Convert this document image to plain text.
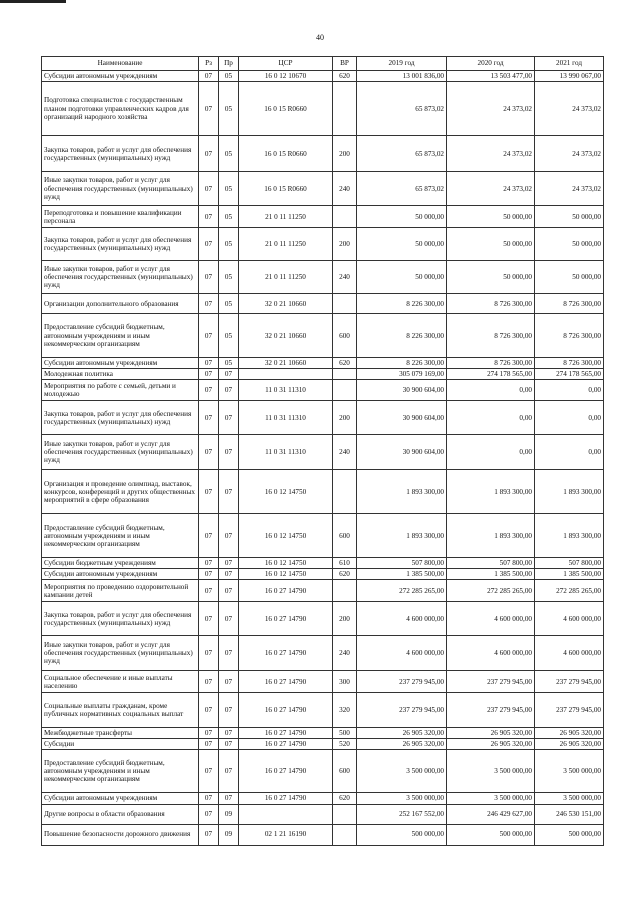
40
Наименование	Рз	Пр	ЦСР	ВР	2019 год	2020 год	2021 год
Субсидии автономным учреждениям	07	05	16 0 12 10670	620	13 001 836,00	13 503 477,00	13 990 067,00
Подготовка специалистов с государственным планом подготовки управленческих кадров для организаций народного хозяйства	07	05	16 0 15 R0660		65 873,02	24 373,02	24 373,02
Закупка товаров, работ и услуг для обеспечения государственных (муниципальных) нужд	07	05	16 0 15 R0660	200	65 873,02	24 373,02	24 373,02
Иные закупки товаров, работ и услуг для обеспечения государственных (муниципальных) нужд	07	05	16 0 15 R0660	240	65 873,02	24 373,02	24 373,02
Переподготовка и повышение квалификации персонала	07	05	21 0 11 11250		50 000,00	50 000,00	50 000,00
Закупка товаров, работ и услуг для обеспечения государственных (муниципальных) нужд	07	05	21 0 11 11250	200	50 000,00	50 000,00	50 000,00
Иные закупки товаров, работ и услуг для обеспечения государственных (муниципальных) нужд	07	05	21 0 11 11250	240	50 000,00	50 000,00	50 000,00
Организации дополнительного образования	07	05	32 0 21 10660		8 226 300,00	8 726 300,00	8 726 300,00
Предоставление субсидий бюджетным, автономным учреждениям и иным некоммерческим организациям	07	05	32 0 21 10660	600	8 226 300,00	8 726 300,00	8 726 300,00
Субсидии автономным учреждениям	07	05	32 0 21 10660	620	8 226 300,00	8 726 300,00	8 726 300,00
Молодежная политика	07	07			305 079 169,00	274 178 565,00	274 178 565,00
Мероприятия по работе с семьей, детьми и молодежью	07	07	11 0 31 11310		30 900 604,00	0,00	0,00
Закупка товаров, работ и услуг для обеспечения государственных (муниципальных) нужд	07	07	11 0 31 11310	200	30 900 604,00	0,00	0,00
Иные закупки товаров, работ и услуг для обеспечения государственных (муниципальных) нужд	07	07	11 0 31 11310	240	30 900 604,00	0,00	0,00
Организация и проведение олимпиад, выставок, конкурсов, конференций и других общественных мероприятий в сфере образования	07	07	16 0 12 14750		1 893 300,00	1 893 300,00	1 893 300,00
Предоставление субсидий бюджетным, автономным учреждениям и иным некоммерческим организациям	07	07	16 0 12 14750	600	1 893 300,00	1 893 300,00	1 893 300,00
Субсидии бюджетным учреждениям	07	07	16 0 12 14750	610	507 800,00	507 800,00	507 800,00
Субсидии автономным учреждениям	07	07	16 0 12 14750	620	1 385 500,00	1 385 500,00	1 385 500,00
Мероприятия по проведению оздоровительной кампании детей	07	07	16 0 27 14790		272 285 265,00	272 285 265,00	272 285 265,00
Закупка товаров, работ и услуг для обеспечения государственных (муниципальных) нужд	07	07	16 0 27 14790	200	4 600 000,00	4 600 000,00	4 600 000,00
Иные закупки товаров, работ и услуг для обеспечения государственных (муниципальных) нужд	07	07	16 0 27 14790	240	4 600 000,00	4 600 000,00	4 600 000,00
Социальное обеспечение и иные выплаты населению	07	07	16 0 27 14790	300	237 279 945,00	237 279 945,00	237 279 945,00
Социальные выплаты гражданам, кроме публичных нормативных социальных выплат	07	07	16 0 27 14790	320	237 279 945,00	237 279 945,00	237 279 945,00
Межбюджетные трансферты	07	07	16 0 27 14790	500	26 905 320,00	26 905 320,00	26 905 320,00
Субсидии	07	07	16 0 27 14790	520	26 905 320,00	26 905 320,00	26 905 320,00
Предоставление субсидий бюджетным, автономным учреждениям и иным некоммерческим организациям	07	07	16 0 27 14790	600	3 500 000,00	3 500 000,00	3 500 000,00
Субсидии автономным учреждениям	07	07	16 0 27 14790	620	3 500 000,00	3 500 000,00	3 500 000,00
Другие вопросы в области образования	07	09			252 167 552,00	246 429 627,00	246 530 151,00
Повышение безопасности дорожного движения	07	09	02 1 21 16190		500 000,00	500 000,00	500 000,00
